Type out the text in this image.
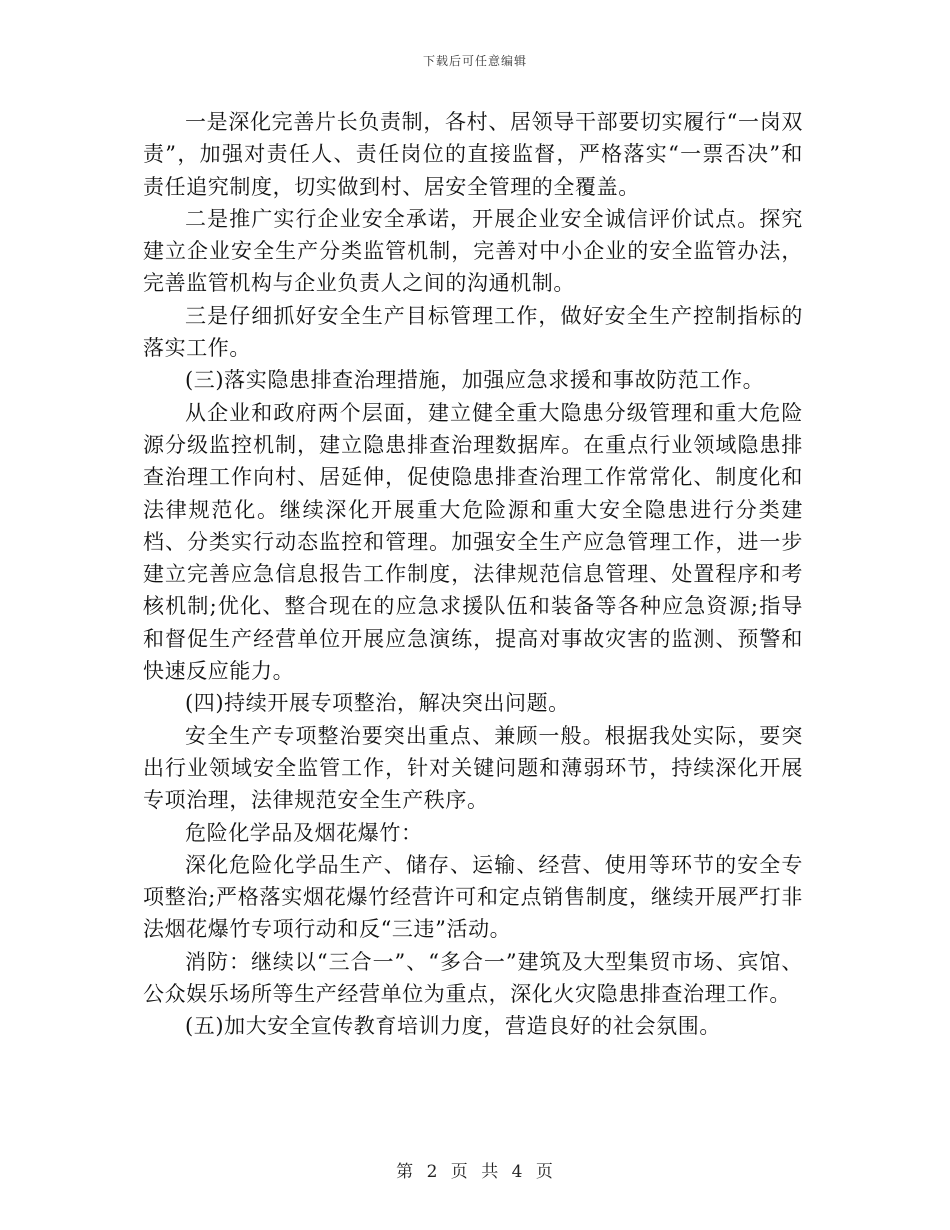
下载后可任意编辑

一是深化完善片长负责制，各村、居领导干部要切实履行“一岗双责”，加强对责任人、责任岗位的直接监督，严格落实“一票否决”和责任追究制度，切实做到村、居安全管理的全覆盖。

二是推广实行企业安全承诺，开展企业安全诚信评价试点。探究建立企业安全生产分类监管机制，完善对中小企业的安全监管办法，完善监管机构与企业负责人之间的沟通机制。

三是仔细抓好安全生产目标管理工作，做好安全生产控制指标的落实工作。

(三)落实隐患排查治理措施，加强应急求援和事故防范工作。

从企业和政府两个层面，建立健全重大隐患分级管理和重大危险源分级监控机制，建立隐患排查治理数据库。在重点行业领域隐患排查治理工作向村、居延伸，促使隐患排查治理工作常常化、制度化和法律规范化。继续深化开展重大危险源和重大安全隐患进行分类建档、分类实行动态监控和管理。加强安全生产应急管理工作，进一步建立完善应急信息报告工作制度，法律规范信息管理、处置程序和考核机制;优化、整合现在的应急求援队伍和装备等各种应急资源;指导和督促生产经营单位开展应急演练，提高对事故灾害的监测、预警和快速反应能力。

(四)持续开展专项整治，解决突出问题。

安全生产专项整治要突出重点、兼顾一般。根据我处实际，要突出行业领域安全监管工作，针对关键问题和薄弱环节，持续深化开展专项治理，法律规范安全生产秩序。

危险化学品及烟花爆竹：

深化危险化学品生产、储存、运输、经营、使用等环节的安全专项整治;严格落实烟花爆竹经营许可和定点销售制度，继续开展严打非法烟花爆竹专项行动和反“三违”活动。

消防：继续以“三合一”、“多合一”建筑及大型集贸市场、宾馆、公众娱乐场所等生产经营单位为重点，深化火灾隐患排查治理工作。

(五)加大安全宣传教育培训力度，营造良好的社会氛围。

第 2 页 共 4 页
